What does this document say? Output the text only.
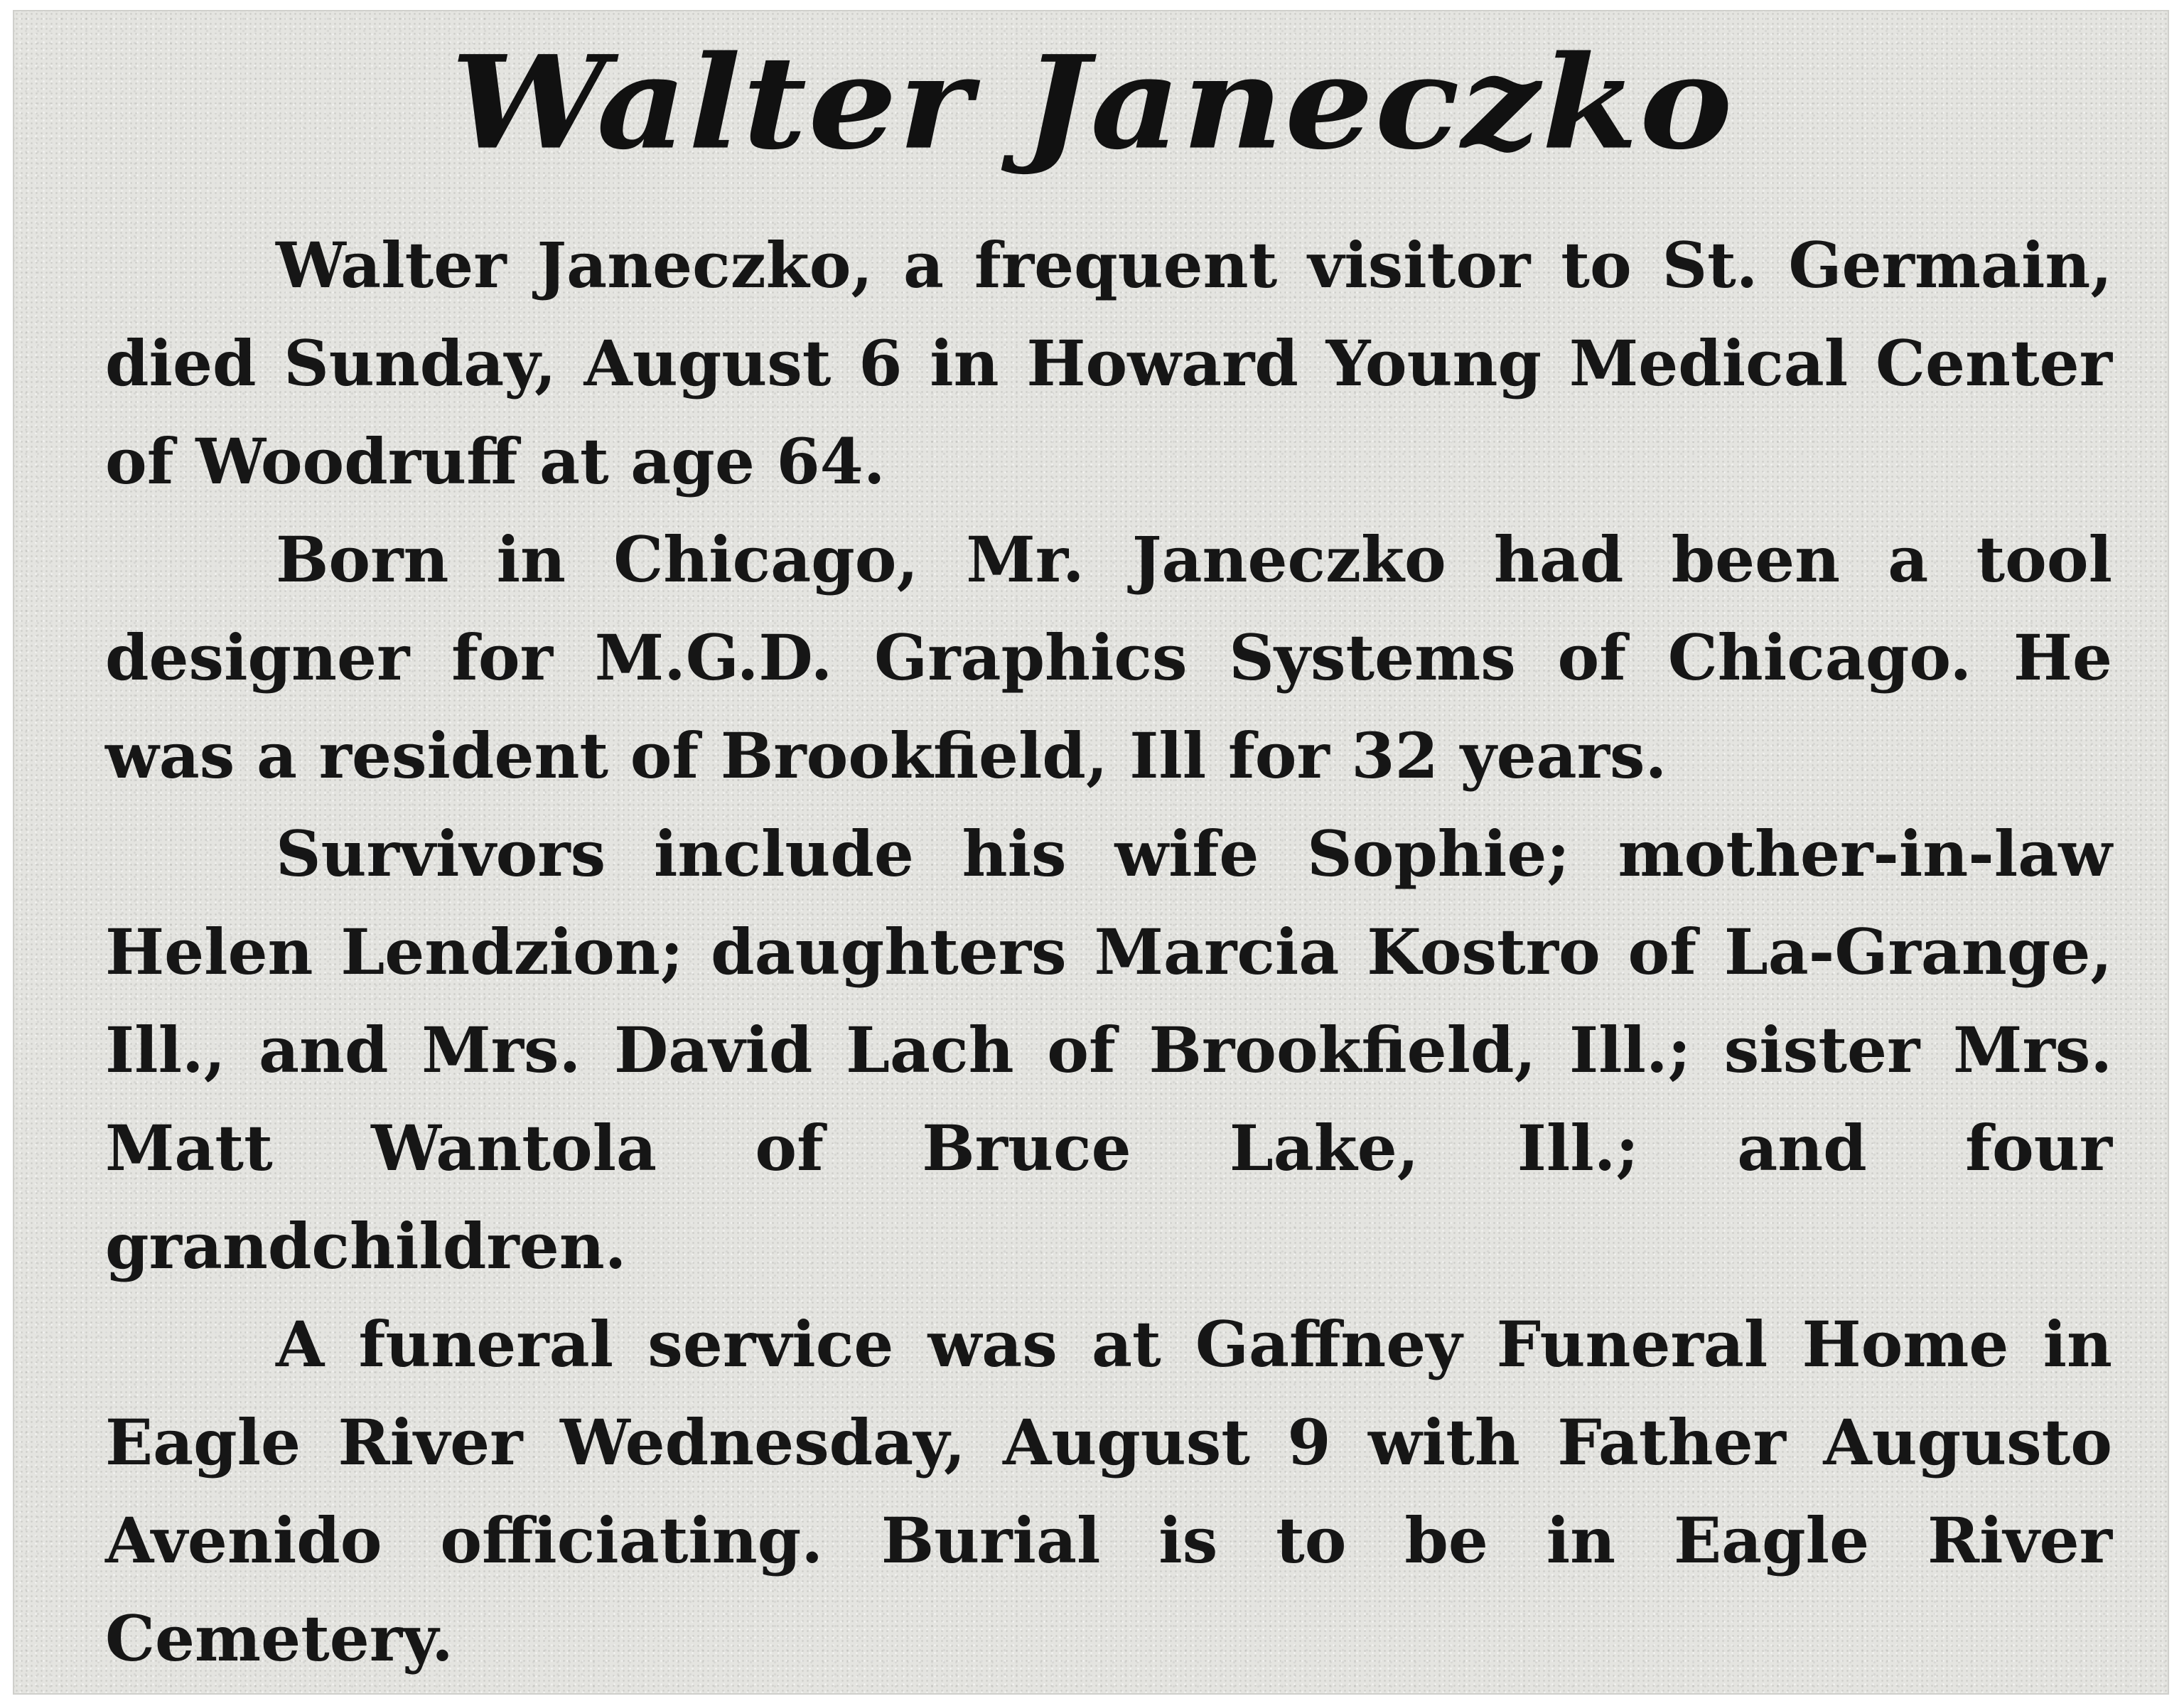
Walter Janeczko

Walter Janeczko, a frequent visitor to St. Germain, died Sunday, August 6 in Howard Young Medical Center of Woodruff at age 64.

Born in Chicago, Mr. Janeczko had been a tool designer for M.G.D. Graphics Systems of Chicago. He was a resident of Brookfield, Ill for 32 years.

Survivors include his wife Sophie; mother-in-law Helen Lendzion; daughters Marcia Kostro of La-Grange, Ill., and Mrs. David Lach of Brookfield, Ill.; sister Mrs. Matt Wantola of Bruce Lake, Ill.; and four grandchildren.

A funeral service was at Gaffney Funeral Home in Eagle River Wednesday, August 9 with Father Augusto Avenido officiating. Burial is to be in Eagle River Cemetery.
